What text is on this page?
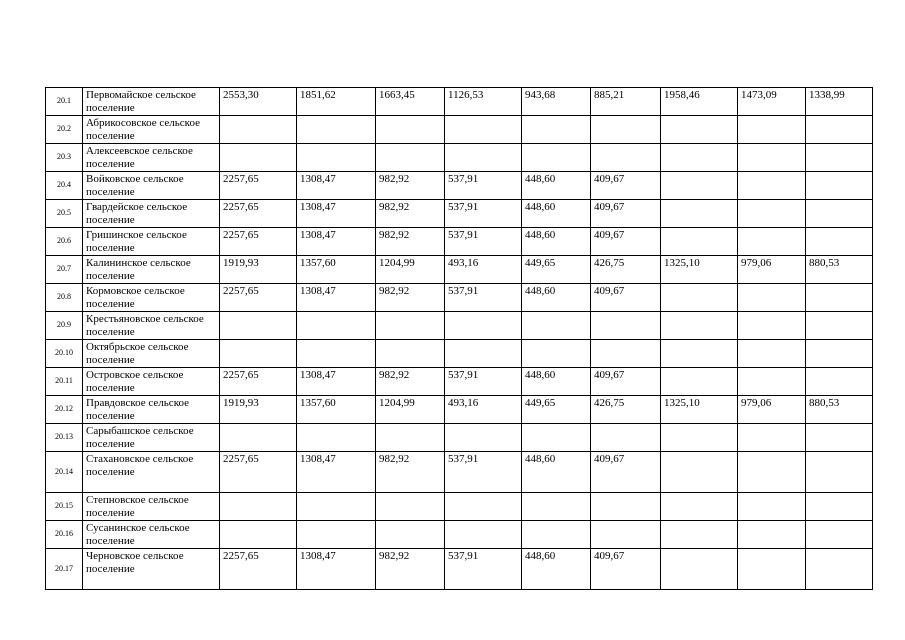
20.1	Первомайское сельское поселение	2553,30	1851,62	1663,45	1126,53	943,68	885,21	1958,46	1473,09	1338,99
20.2	Абрикосовское сельское поселение									
20.3	Алексеевское сельское поселение									
20.4	Войковское сельское поселение	2257,65	1308,47	982,92	537,91	448,60	409,67			
20.5	Гвардейское сельское поселение	2257,65	1308,47	982,92	537,91	448,60	409,67			
20.6	Гришинское сельское поселение	2257,65	1308,47	982,92	537,91	448,60	409,67			
20.7	Калининское сельское поселение	1919,93	1357,60	1204,99	493,16	449,65	426,75	1325,10	979,06	880,53
20.8	Кормовское сельское поселение	2257,65	1308,47	982,92	537,91	448,60	409,67			
20.9	Крестьяновское сельское поселение									
20.10	Октябрьское сельское поселение									
20.11	Островское сельское поселение	2257,65	1308,47	982,92	537,91	448,60	409,67			
20.12	Правдовское сельское поселение	1919,93	1357,60	1204,99	493,16	449,65	426,75	1325,10	979,06	880,53
20.13	Сарыбашское сельское поселение									
20.14	Стахановское сельское поселение	2257,65	1308,47	982,92	537,91	448,60	409,67			
20.15	Степновское сельское поселение									
20.16	Сусанинское сельское поселение									
20.17	Черновское сельское поселение	2257,65	1308,47	982,92	537,91	448,60	409,67			
